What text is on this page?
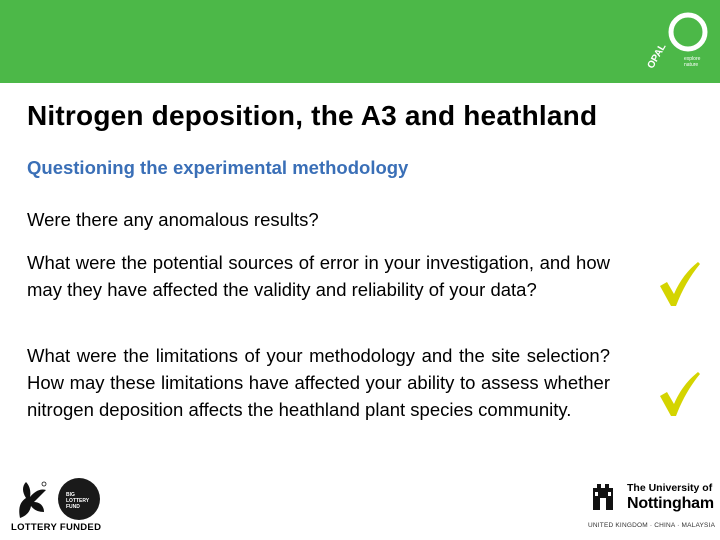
OPAL	explore
nature
Nitrogen deposition, the A3 and heathland
Questioning the experimental methodology

Were there any anomalous results?

What were the potential sources of error in your investigation, and how may they have affected the validity and reliability of your data?

What were the limitations of your methodology and the site selection? How may these limitations have affected your ability to assess whether nitrogen deposition affects the heathland plant species community.

BIG
LOTTERY
FUND
LOTTERY FUNDED
The University of
Nottingham
UNITED KINGDOM · CHINA · MALAYSIA
